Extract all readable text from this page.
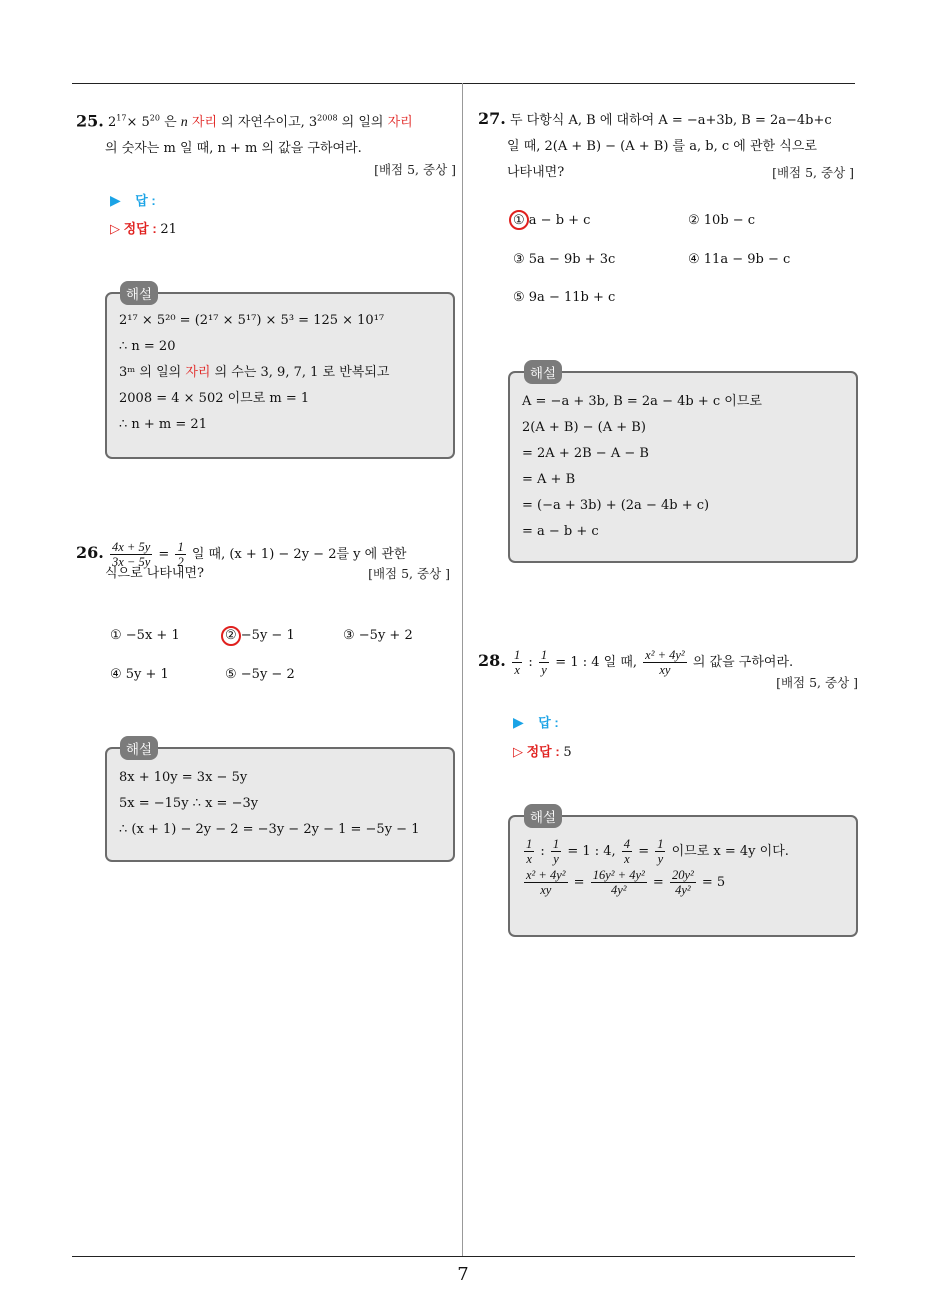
25. $2^{17}\times 5^{20}$ 은 n 자리 의 자연수이고, $3^{2008}$ 의 일의 자리
의 숫자는 m 일 때, n + m 의 값을 구하여라.
[배점 5, 중상 ]
▶ 답 :
▷ 정답 : 21
2¹⁷ × 5²⁰ = (2¹⁷ × 5¹⁷) × 5³ = 125 × 10¹⁷
∴ n = 20
3ᵐ 의 일의 자리 의 수는 3, 9, 7, 1 로 반복되고
2008 = 4 × 502 이므로 m = 1
∴ n + m = 21
해설
26. $\frac{4x + 5y}{3x - 5y} = \frac{1}{2}$ 일 때, (x + 1) − 2y − 2를 y 에 관한
식으로 나타내면?	[배점 5, 중상 ]
① −5x + 1	② −5y − 1	③ −5y + 2
④ 5y + 1	⑤ −5y − 2
8x + 10y = 3x − 5y
5x = −15y ∴ x = −3y
∴ (x + 1) − 2y − 2 = −3y − 2y − 1 = −5y − 1
해설
27. 두 다항식 A, B 에 대하여 A = −a+3b, B = 2a−4b+c
일 때, 2(A + B) − (A + B) 를 a, b, c 에 관한 식으로
나타내면?	[배점 5, 중상 ]
① a − b + c	② 10b − c
③ 5a − 9b + 3c	④ 11a − 9b − c
⑤ 9a − 11b + c
A = −a + 3b, B = 2a − 4b + c 이므로
2(A + B) − (A + B)
= 2A + 2B − A − B
= A + B
= (−a + 3b) + (2a − 4b + c)
= a − b + c
해설
28. $\frac{1}{x}$ : $\frac{1}{y} = 1$ : 4 일 때, $\frac{\text{x² + 4y²}}{xy}$ 의 값을 구하여라.
[배점 5, 중상 ]
▶ 답 :
▷ 정답 : 5
$\frac{1}{x}$ : $\frac{1}{y} = 1$ : 4, $\frac{4}{x} = \frac{1}{y}$ 이므로 x = 4y 이다.
$\frac{\text{x² + 4y²}}{xy} = \frac{\text{16y² + 4y²}}{\text{4y²}} = \frac{\text{20y²}}{\text{4y²}} = 5$
해설
7
